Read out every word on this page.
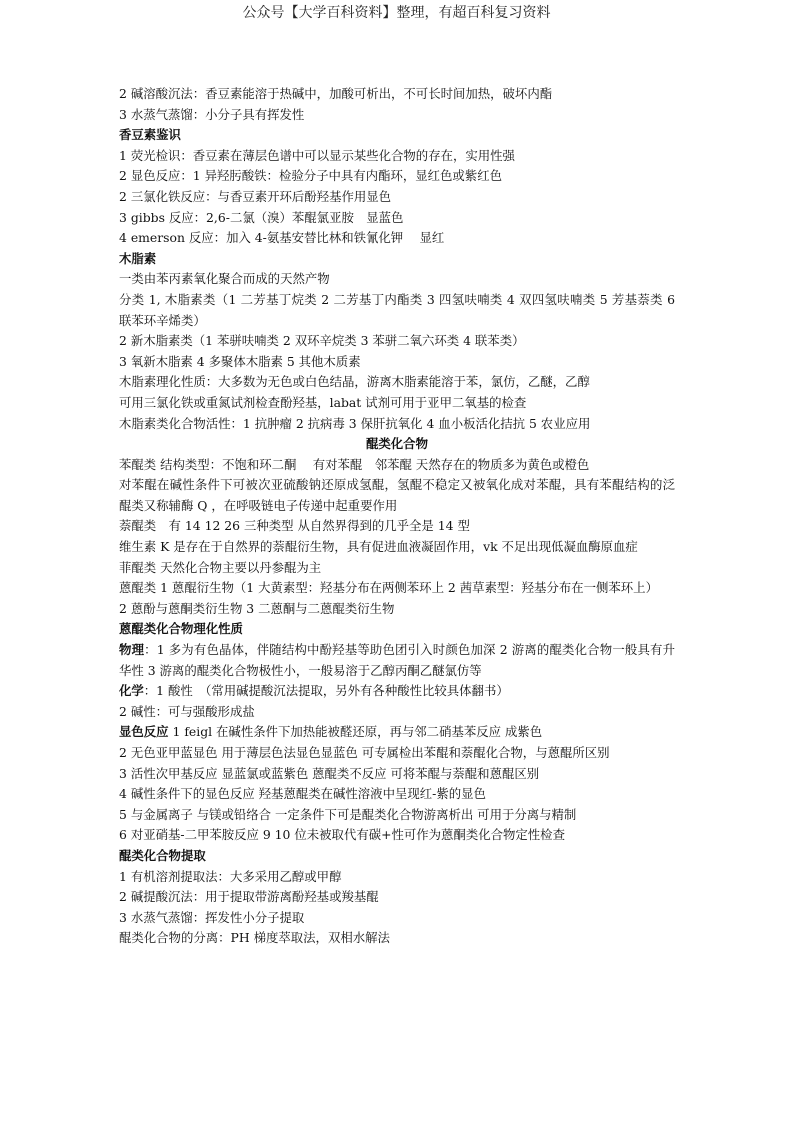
公众号【大学百科资料】整理，有超百科复习资料
2 碱溶酸沉法：香豆素能溶于热碱中，加酸可析出，不可长时间加热，破坏内酯
3 水蒸气蒸馏：小分子具有挥发性
香豆素鉴识
1 荧光检识：香豆素在薄层色谱中可以显示某些化合物的存在，实用性强
2 显色反应：1 异羟肟酸铁：检验分子中具有内酯环，显红色或紫红色
2 三氯化铁反应：与香豆素开环后酚羟基作用显色
3 gibbs 反应：2,6-二氯（溴）苯醌氯亚胺　显蓝色
4 emerson 反应：加入 4-氨基安替比林和铁氰化钾　 显红
木脂素
一类由苯丙素氧化聚合而成的天然产物
分类 1, 木脂素类（1 二芳基丁烷类 2 二芳基丁内酯类 3 四氢呋喃类 4 双四氢呋喃类 5 芳基萘类 6 联苯环辛烯类）
2 新木脂素类（1 苯骈呋喃类 2 双环辛烷类 3 苯骈二氧六环类 4 联苯类）
3 氧新木脂素 4 多聚体木脂素 5 其他木质素
木脂素理化性质：大多数为无色或白色结晶，游离木脂素能溶于苯，氯仿，乙醚，乙醇
可用三氯化铁或重氮试剂检查酚羟基，labat 试剂可用于亚甲二氧基的检查
木脂素类化合物活性：1 抗肿瘤 2 抗病毒 3 保肝抗氧化 4 血小板活化拮抗 5 农业应用
醌类化合物
苯醌类 结构类型：不饱和环二酮　 有对苯醌　邻苯醌 天然存在的物质多为黄色或橙色
对苯醌在碱性条件下可被次亚硫酸钠还原成氢醌，氢醌不稳定又被氧化成对苯醌，具有苯醌结构的泛醌类又称辅酶 Q ，在呼吸链电子传递中起重要作用
萘醌类　有 14 12 26 三种类型 从自然界得到的几乎全是 14 型
维生素 K 是存在于自然界的萘醌衍生物，具有促进血液凝固作用，vk 不足出现低凝血酶原血症
菲醌类 天然化合物主要以丹参醌为主
蒽醌类 1 蒽醌衍生物（1 大黄素型：羟基分布在两侧苯环上 2 茜草素型：羟基分布在一侧苯环上）
2 蒽酚与蒽酮类衍生物 3 二蒽酮与二蒽醌类衍生物
蒽醌类化合物理化性质
物理：1 多为有色晶体，伴随结构中酚羟基等助色团引入时颜色加深 2 游离的醌类化合物一般具有升华性 3 游离的醌类化合物极性小，一般易溶于乙醇丙酮乙醚氯仿等
化学：1 酸性　（常用碱提酸沉法提取，另外有各种酸性比较具体翻书）
2 碱性：可与强酸形成盐
显色反应 1 feigl 在碱性条件下加热能被醛还原，再与邻二硝基苯反应 成紫色
2 无色亚甲蓝显色 用于薄层色法显色显蓝色 可专属检出苯醌和萘醌化合物，与蒽醌所区别
3 活性次甲基反应 显蓝氯或蓝紫色 蒽醌类不反应 可将苯醌与萘醌和蒽醌区别
4 碱性条件下的显色反应 羟基蒽醌类在碱性溶液中呈现红-紫的显色
5 与金属离子 与镁或铅络合 一定条件下可是醌类化合物游离析出 可用于分离与精制
6 对亚硝基-二甲苯胺反应 9 10 位未被取代有碳+性可作为蒽酮类化合物定性检查
醌类化合物提取
1 有机溶剂提取法：大多采用乙醇或甲醇
2 碱提酸沉法：用于提取带游离酚羟基或羧基醌
3 水蒸气蒸馏：挥发性小分子提取
醌类化合物的分离：PH 梯度萃取法，双相水解法
